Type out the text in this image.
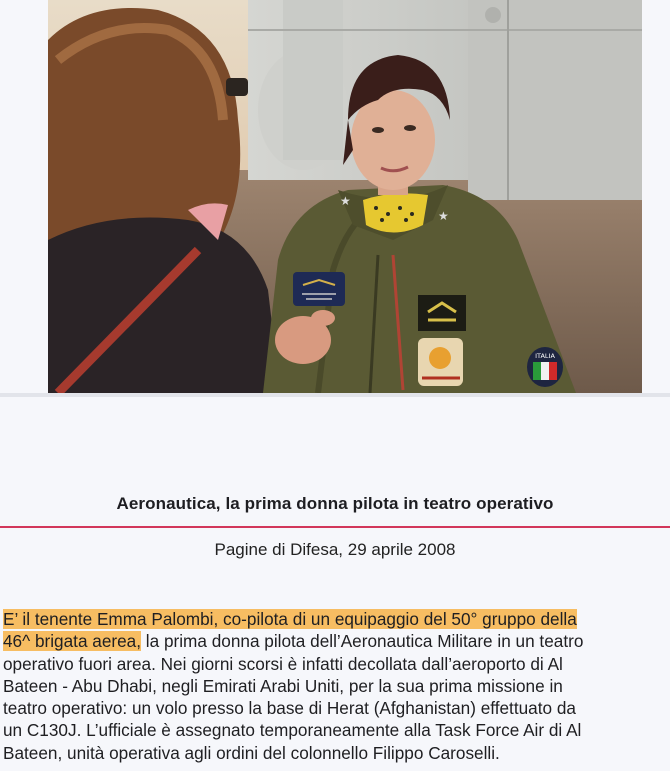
★
★
ITALIA
Aeronautica, la prima donna pilota in teatro operativo
Pagine di Difesa, 29 aprile 2008
E’ il tenente Emma Palombi, co-pilota di un equipaggio del 50° gruppo della
46^ brigata aerea, la prima donna pilota dell’Aeronautica Militare in un teatro
operativo fuori area. Nei giorni scorsi è infatti decollata dall’aeroporto di Al
Bateen - Abu Dhabi, negli Emirati Arabi Uniti, per la sua prima missione in
teatro operativo: un volo presso la base di Herat (Afghanistan) effettuato da
un C130J. L’ufficiale è assegnato temporaneamente alla Task Force Air di Al
Bateen, unità operativa agli ordini del colonnello Filippo Caroselli.
